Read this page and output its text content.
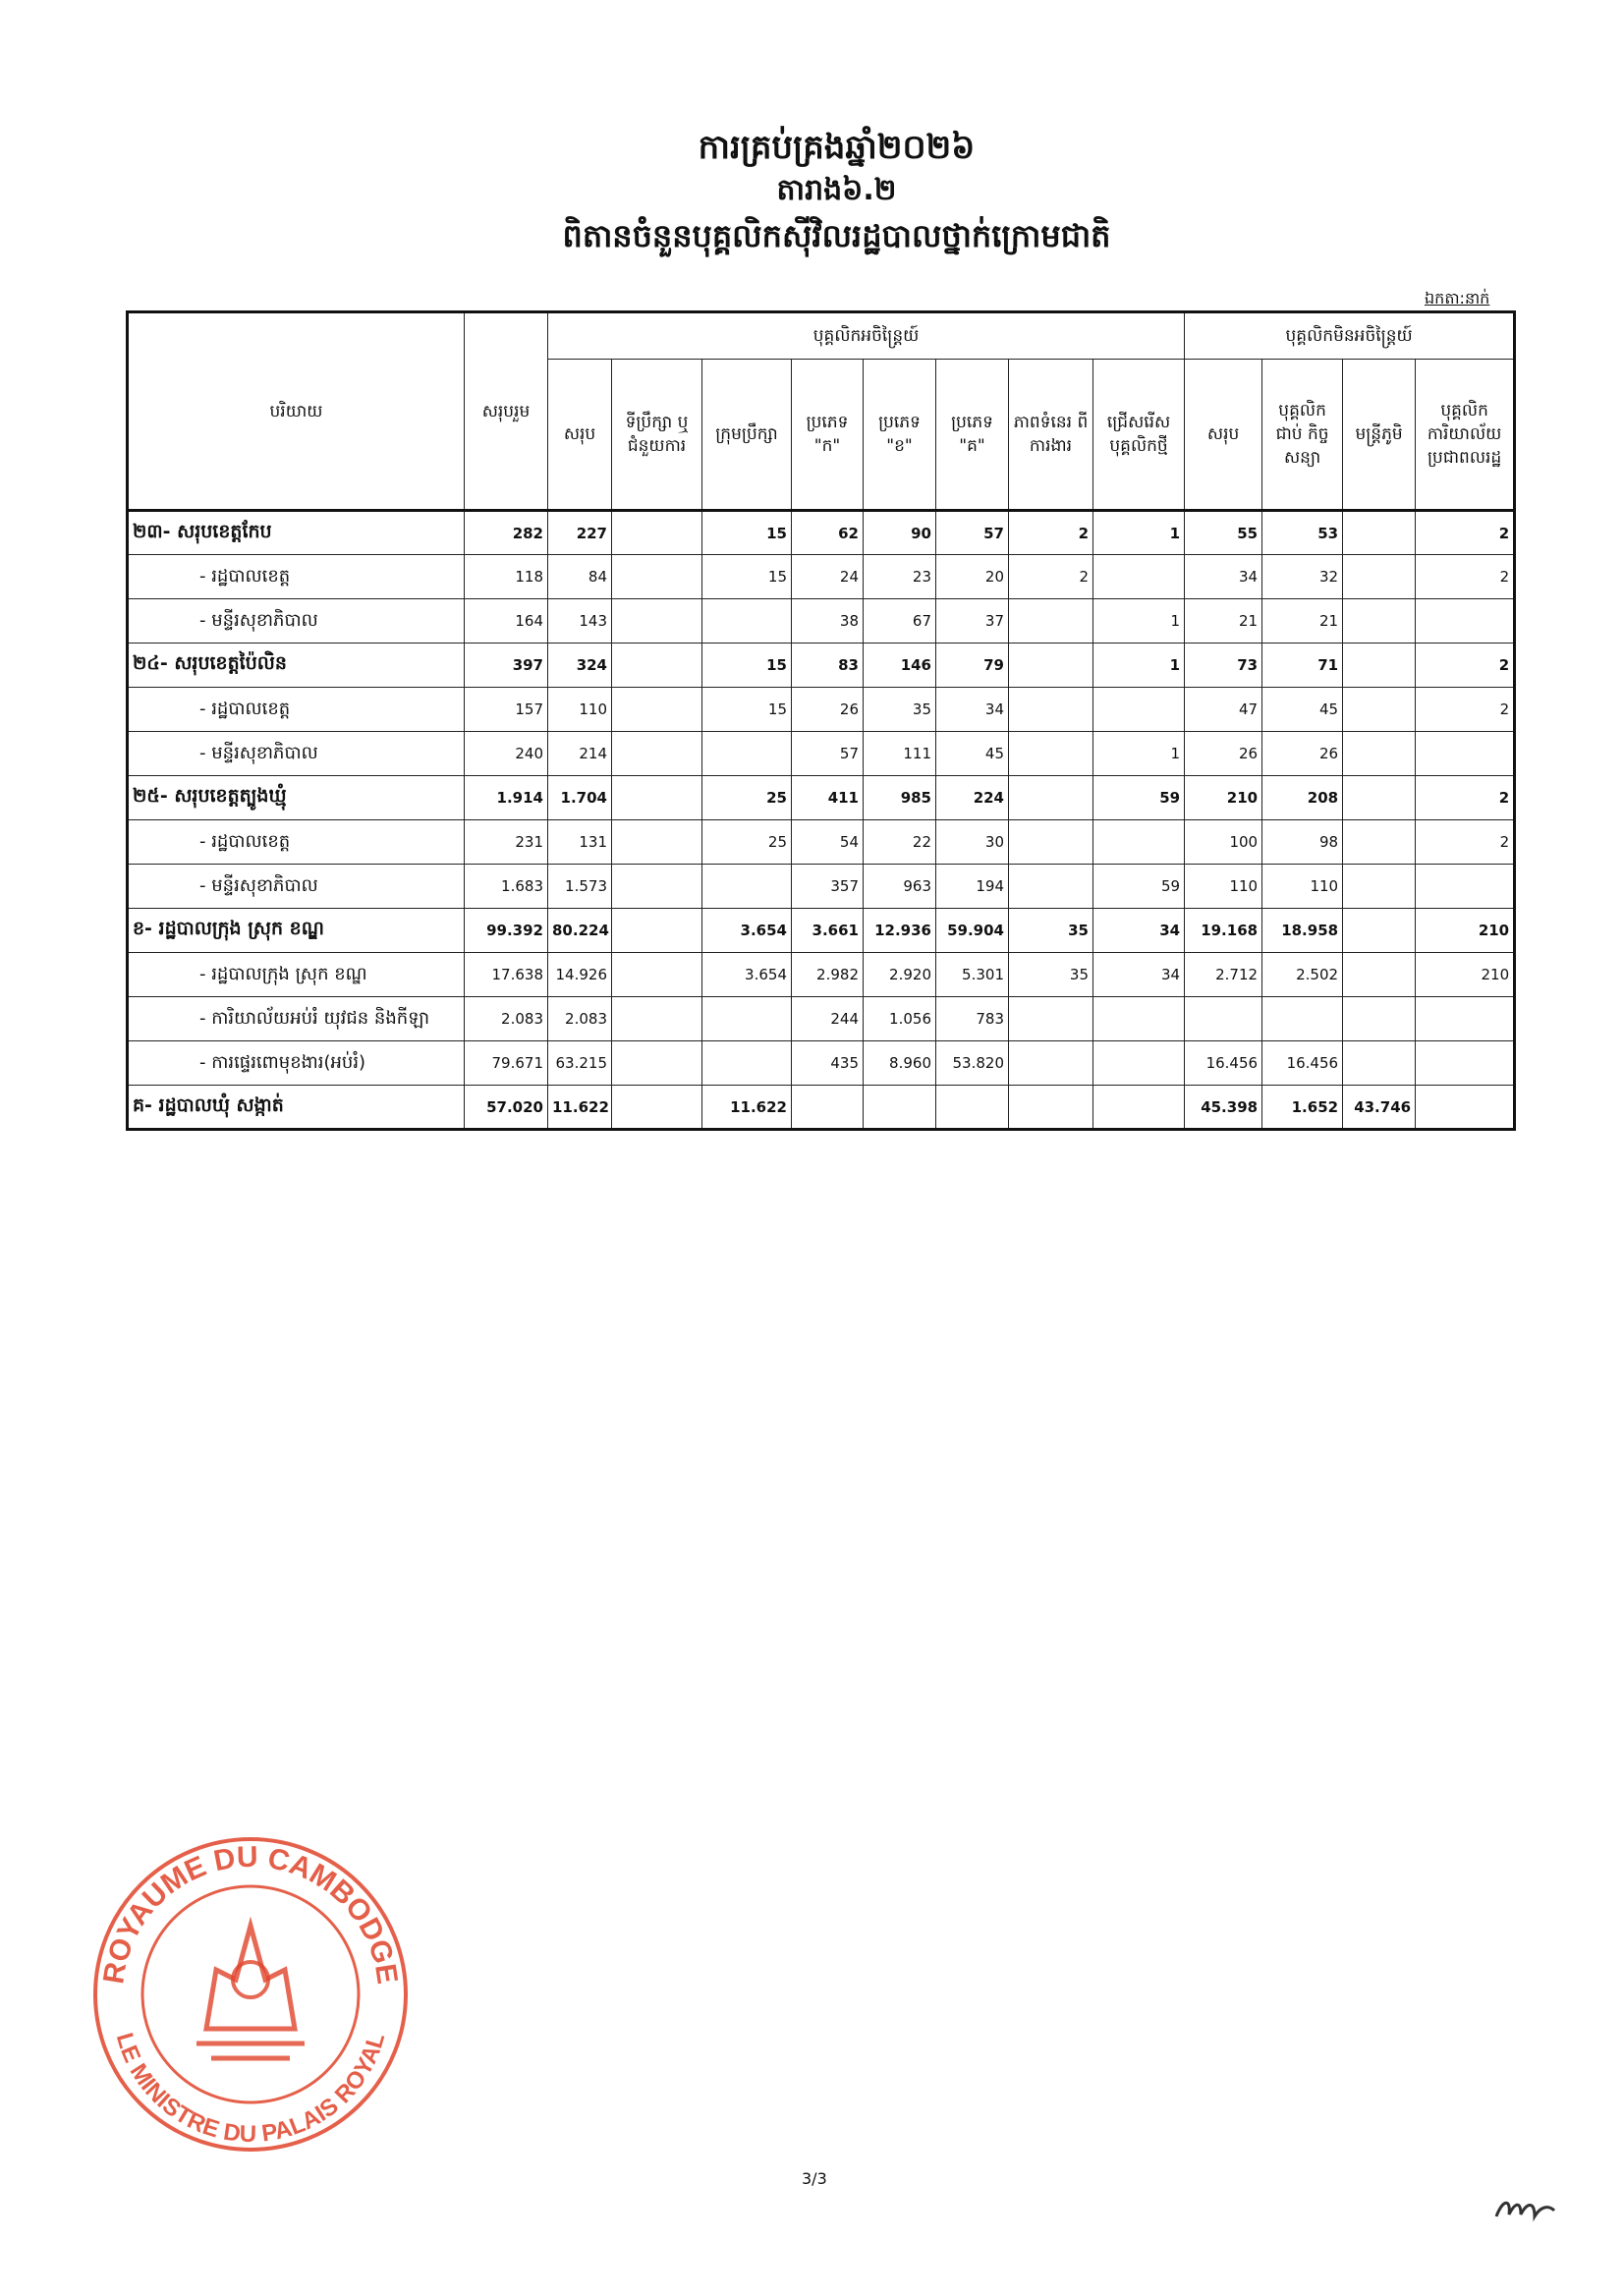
ការគ្រប់គ្រងឆ្នាំ២០២៦
តារាង៦.២
ពិតានចំនួនបុគ្គលិកស៊ីវិលរដ្ឋបាលថ្នាក់ក្រោមជាតិ
ឯកតា:នាក់
បរិយាយ	សរុបរួម	បុគ្គលិកអចិន្ត្រៃយ៍								បុគ្គលិកមិនអចិន្ត្រៃយ៍			
		សរុប	ទីប្រឹក្សា ឬ ជំនួយការ	ក្រុមប្រឹក្សា	ប្រភេទ "ក"	ប្រភេទ "ខ"	ប្រភេទ "គ"	ភាពទំនេរ ពីការងារ	ជ្រើសរើស បុគ្គលិកថ្មី	សរុប	បុគ្គលិក ជាប់ កិច្ចសន្យា	មន្ត្រីភូមិ	បុគ្គលិក ការិយាល័យ ប្រជាពលរដ្ឋ
២៣- សរុបខេត្តកែប	282	227		15	62	90	57	2	1	55	53		2
- រដ្ឋបាលខេត្ត	118	84		15	24	23	20	2		34	32		2
- មន្ទីរសុខាភិបាល	164	143			38	67	37		1	21	21		
២៤- សរុបខេត្តប៉ៃលិន	397	324		15	83	146	79		1	73	71		2
- រដ្ឋបាលខេត្ត	157	110		15	26	35	34			47	45		2
- មន្ទីរសុខាភិបាល	240	214			57	111	45		1	26	26		
២៥- សរុបខេត្តត្បូងឃ្មុំ	1.914	1.704		25	411	985	224		59	210	208		2
- រដ្ឋបាលខេត្ត	231	131		25	54	22	30			100	98		2
- មន្ទីរសុខាភិបាល	1.683	1.573			357	963	194		59	110	110		
ខ- រដ្ឋបាលក្រុង ស្រុក ខណ្ឌ	99.392	80.224		3.654	3.661	12.936	59.904	35	34	19.168	18.958		210
- រដ្ឋបាលក្រុង ស្រុក ខណ្ឌ	17.638	14.926		3.654	2.982	2.920	5.301	35	34	2.712	2.502		210
- ការិយាល័យអប់រំ យុវជន និងកីឡា	2.083	2.083			244	1.056	783						
- ការផ្ទេរពោមុខងារ(អប់រំ)	79.671	63.215			435	8.960	53.820			16.456	16.456		
គ- រដ្ឋបាលឃុំ សង្កាត់	57.020	11.622		11.622						45.398	1.652	43.746	
ROYAUME DU CAMBODGE
LE MINISTRE DU PALAIS ROYAL
3/3
